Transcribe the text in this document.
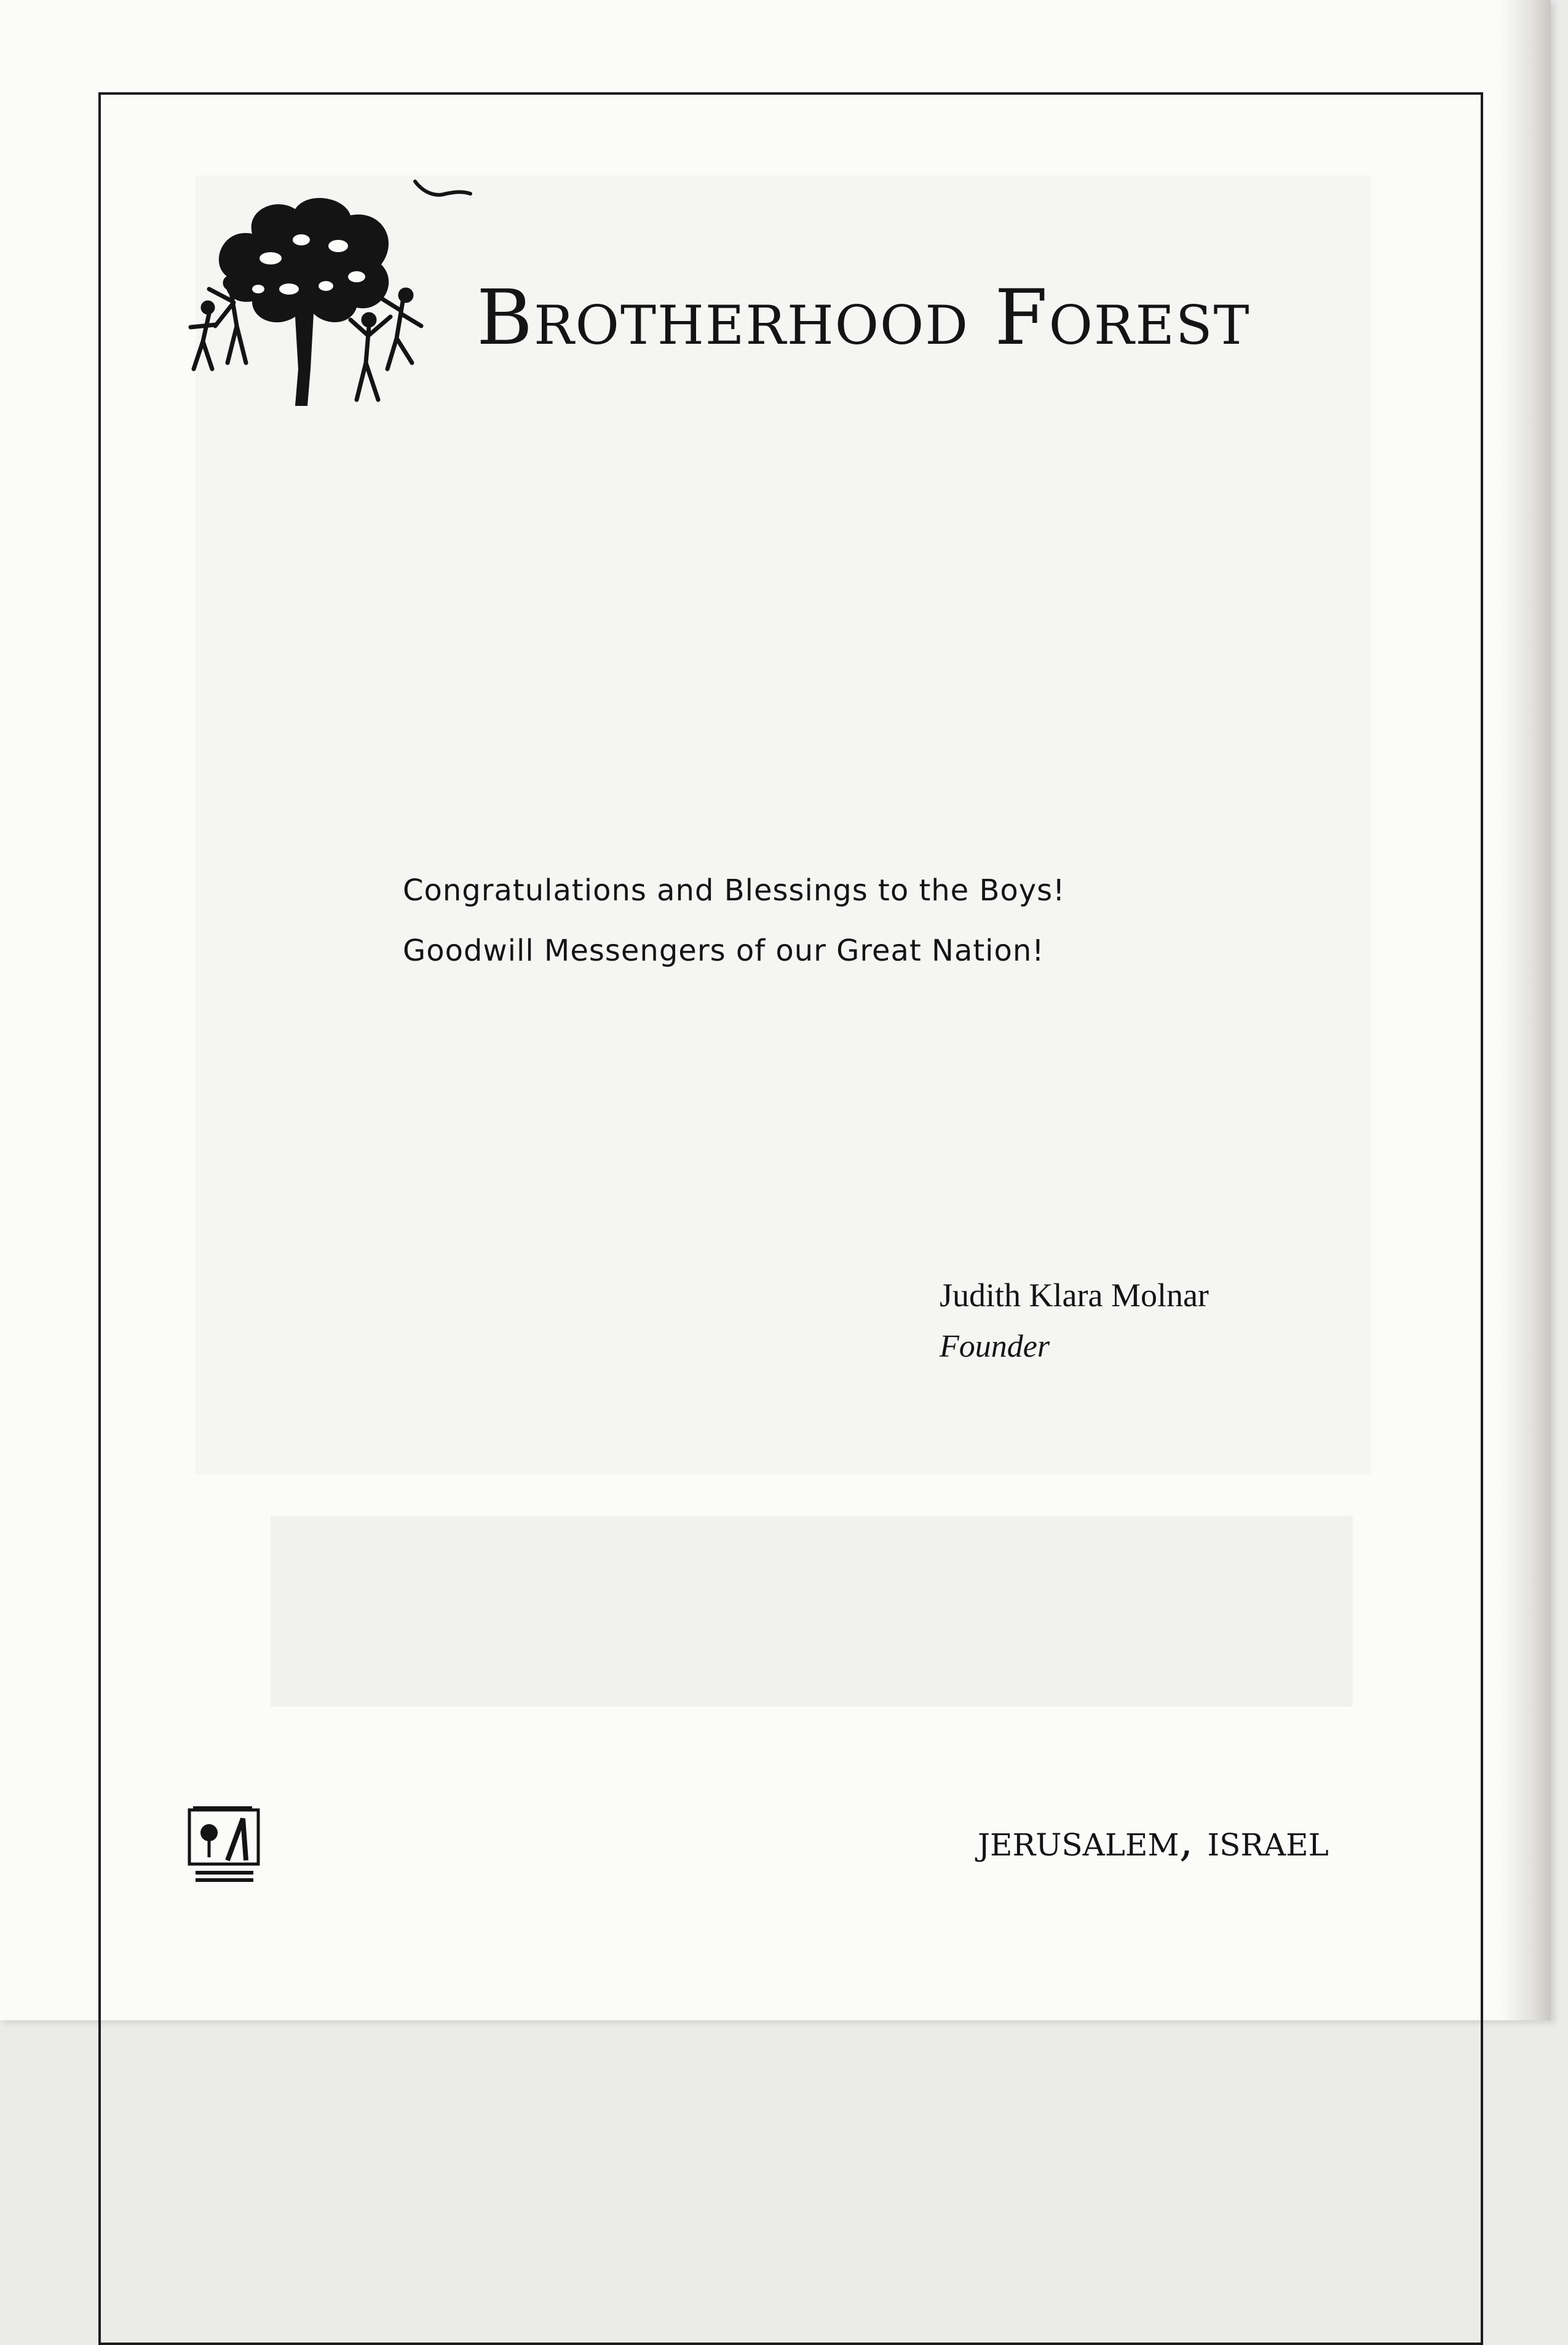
Brotherhood Forest
Congratulations and Blessings to the Boys!
Goodwill Messengers of our Great Nation!
Judith Klara Molnar
Founder
jerusalem, israel
